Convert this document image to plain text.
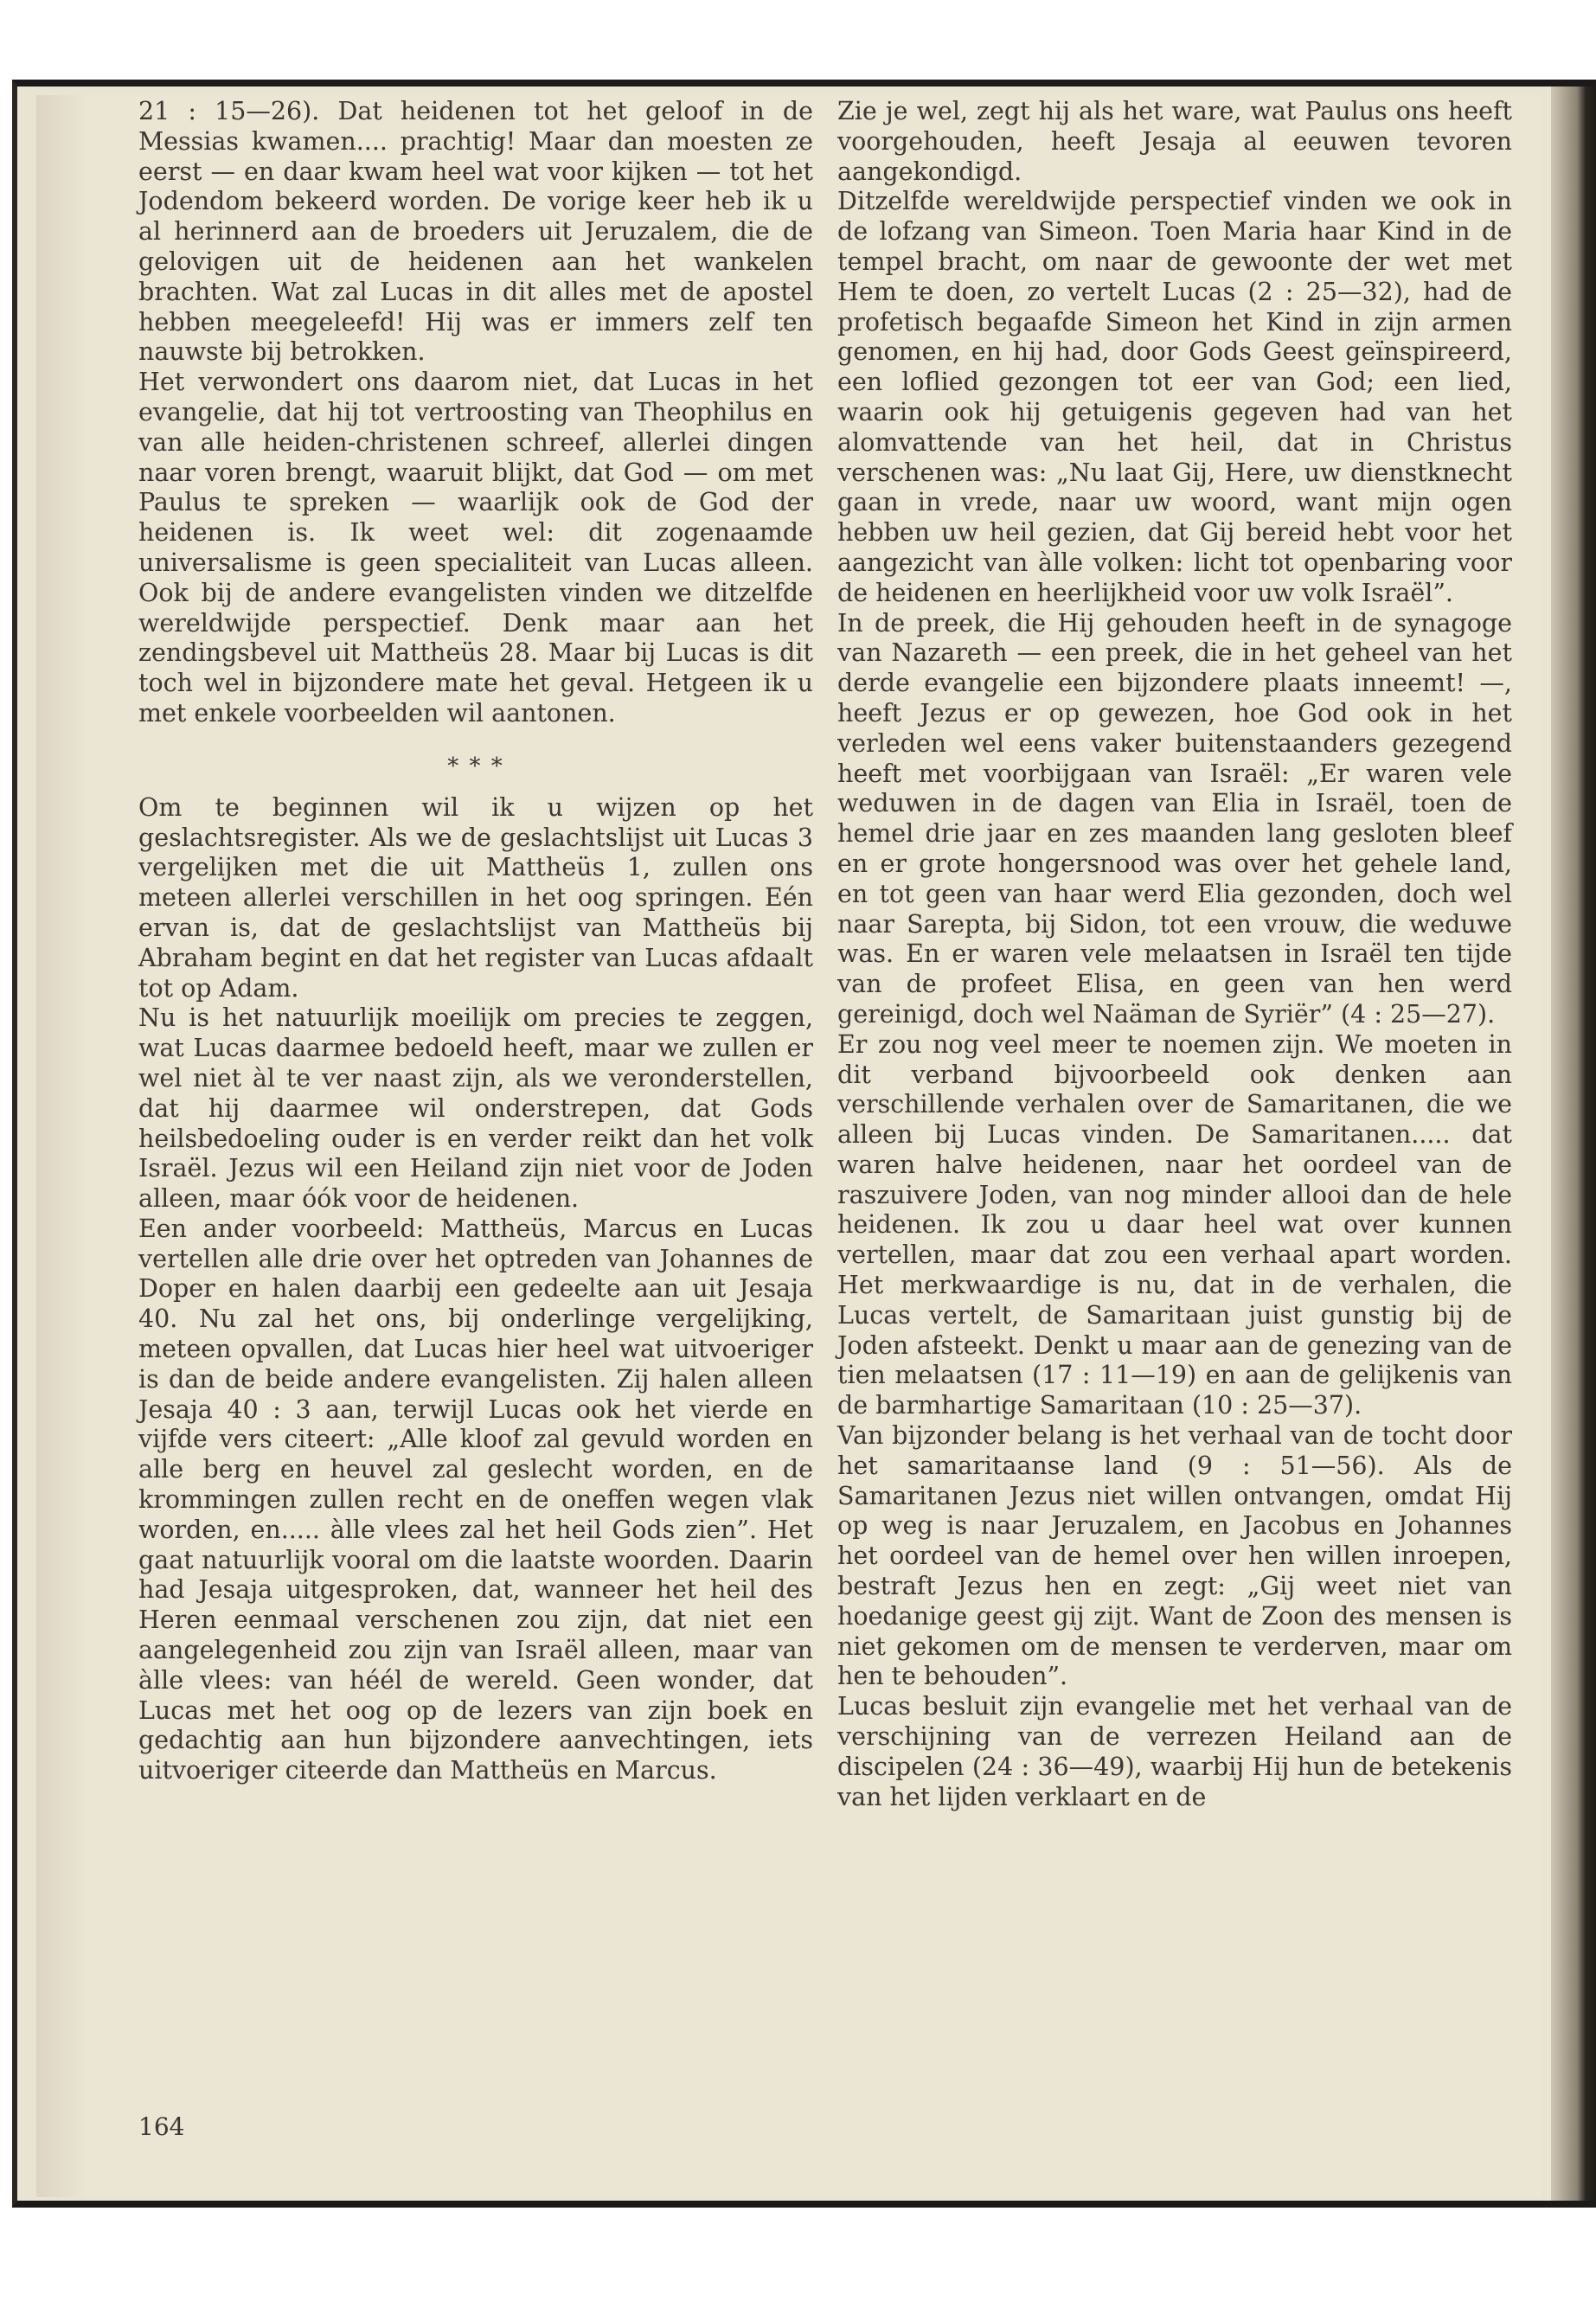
21 : 15—26). Dat heidenen tot het geloof in de Messias kwamen.... prachtig! Maar dan moesten ze eerst — en daar kwam heel wat voor kijken — tot het Jodendom bekeerd worden. De vorige keer heb ik u al herinnerd aan de broeders uit Jeruzalem, die de gelovigen uit de heidenen aan het wankelen brachten. Wat zal Lucas in dit alles met de apostel hebben meegeleefd! Hij was er immers zelf ten nauwste bij betrokken.

Het verwondert ons daarom niet, dat Lucas in het evangelie, dat hij tot vertroosting van Theophilus en van alle heiden-christenen schreef, allerlei dingen naar voren brengt, waaruit blijkt, dat God — om met Paulus te spreken — waarlijk ook de God der heidenen is. Ik weet wel: dit zogenaamde universalisme is geen specialiteit van Lucas alleen. Ook bij de andere evangelisten vinden we ditzelfde wereldwijde perspectief. Denk maar aan het zendingsbevel uit Mattheüs 28. Maar bij Lucas is dit toch wel in bijzondere mate het geval. Hetgeen ik u met enkele voorbeelden wil aantonen.

* * *

Om te beginnen wil ik u wijzen op het geslachtsregister. Als we de geslachtslijst uit Lucas 3 vergelijken met die uit Mattheüs 1, zullen ons meteen allerlei verschillen in het oog springen. Eén ervan is, dat de geslachtslijst van Mattheüs bij Abraham begint en dat het register van Lucas afdaalt tot op Adam.

Nu is het natuurlijk moeilijk om precies te zeggen, wat Lucas daarmee bedoeld heeft, maar we zullen er wel niet àl te ver naast zijn, als we veronderstellen, dat hij daarmee wil onderstrepen, dat Gods heilsbedoeling ouder is en verder reikt dan het volk Israël. Jezus wil een Heiland zijn niet voor de Joden alleen, maar óók voor de heidenen.

Een ander voorbeeld: Mattheüs, Marcus en Lucas vertellen alle drie over het optreden van Johannes de Doper en halen daarbij een gedeelte aan uit Jesaja 40. Nu zal het ons, bij onderlinge vergelijking, meteen opvallen, dat Lucas hier heel wat uitvoeriger is dan de beide andere evangelisten. Zij halen alleen Jesaja 40 : 3 aan, terwijl Lucas ook het vierde en vijfde vers citeert: „Alle kloof zal gevuld worden en alle berg en heuvel zal geslecht worden, en de krommingen zullen recht en de oneffen wegen vlak worden, en..... àlle vlees zal het heil Gods zien”. Het gaat natuurlijk vooral om die laatste woorden. Daarin had Jesaja uitgesproken, dat, wanneer het heil des Heren eenmaal verschenen zou zijn, dat niet een aangelegenheid zou zijn van Israël alleen, maar van àlle vlees: van héél de wereld. Geen wonder, dat Lucas met het oog op de lezers van zijn boek en gedachtig aan hun bijzondere aanvechtingen, iets uitvoeriger citeerde dan Mattheüs en Marcus.

Zie je wel, zegt hij als het ware, wat Paulus ons heeft voorgehouden, heeft Jesaja al eeuwen tevoren aangekondigd.

Ditzelfde wereldwijde perspectief vinden we ook in de lofzang van Simeon. Toen Maria haar Kind in de tempel bracht, om naar de gewoonte der wet met Hem te doen, zo vertelt Lucas (2 : 25—32), had de profetisch begaafde Simeon het Kind in zijn armen genomen, en hij had, door Gods Geest geïnspireerd, een loflied gezongen tot eer van God; een lied, waarin ook hij getuigenis gegeven had van het alomvattende van het heil, dat in Christus verschenen was: „Nu laat Gij, Here, uw dienstknecht gaan in vrede, naar uw woord, want mijn ogen hebben uw heil gezien, dat Gij bereid hebt voor het aangezicht van àlle volken: licht tot openbaring voor de heidenen en heerlijkheid voor uw volk Israël”.

In de preek, die Hij gehouden heeft in de synagoge van Nazareth — een preek, die in het geheel van het derde evangelie een bijzondere plaats inneemt! —, heeft Jezus er op gewezen, hoe God ook in het verleden wel eens vaker buitenstaanders gezegend heeft met voorbijgaan van Israël: „Er waren vele weduwen in de dagen van Elia in Israël, toen de hemel drie jaar en zes maanden lang gesloten bleef en er grote hongersnood was over het gehele land, en tot geen van haar werd Elia gezonden, doch wel naar Sarepta, bij Sidon, tot een vrouw, die weduwe was. En er waren vele melaatsen in Israël ten tijde van de profeet Elisa, en geen van hen werd gereinigd, doch wel Naäman de Syriër” (4 : 25—27).

Er zou nog veel meer te noemen zijn. We moeten in dit verband bijvoorbeeld ook denken aan verschillende verhalen over de Samaritanen, die we alleen bij Lucas vinden. De Samaritanen..... dat waren halve heidenen, naar het oordeel van de raszuivere Joden, van nog minder allooi dan de hele heidenen. Ik zou u daar heel wat over kunnen vertellen, maar dat zou een verhaal apart worden. Het merkwaardige is nu, dat in de verhalen, die Lucas vertelt, de Samaritaan juist gunstig bij de Joden afsteekt. Denkt u maar aan de genezing van de tien melaatsen (17 : 11—19) en aan de gelijkenis van de barmhartige Samaritaan (10 : 25—37).

Van bijzonder belang is het verhaal van de tocht door het samaritaanse land (9 : 51—56). Als de Samaritanen Jezus niet willen ontvangen, omdat Hij op weg is naar Jeruzalem, en Jacobus en Johannes het oordeel van de hemel over hen willen inroepen, bestraft Jezus hen en zegt: „Gij weet niet van hoedanige geest gij zijt. Want de Zoon des mensen is niet gekomen om de mensen te verderven, maar om hen te behouden”.

Lucas besluit zijn evangelie met het verhaal van de verschijning van de verrezen Heiland aan de discipelen (24 : 36—49), waarbij Hij hun de betekenis van het lijden verklaart en de

164
